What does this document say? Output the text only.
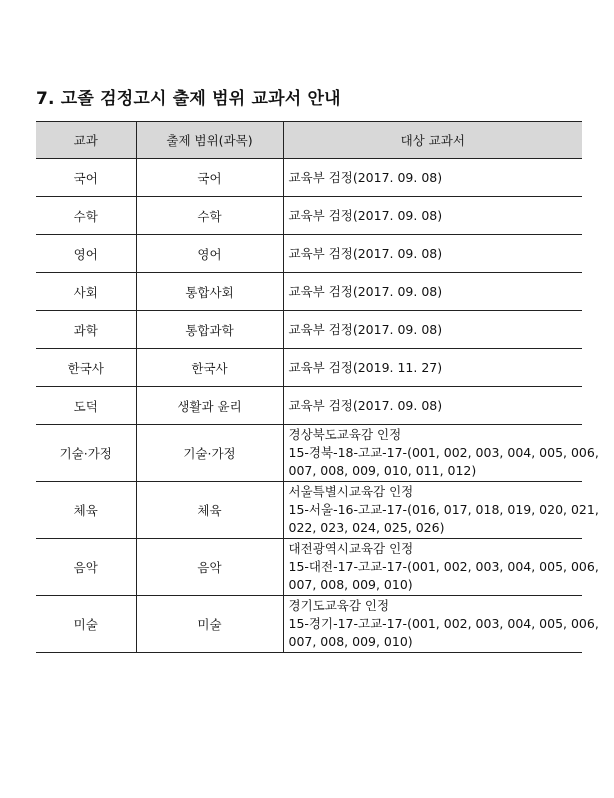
7. 고졸 검정고시 출제 범위 교과서 안내
교과	출제 범위(과목)	대상 교과서
국어	국어	교육부 검정(2017. 09. 08)

수학	수학	교육부 검정(2017. 09. 08)

영어	영어	교육부 검정(2017. 09. 08)

사회	통합사회	교육부 검정(2017. 09. 08)

과학	통합과학	교육부 검정(2017. 09. 08)

한국사	한국사	교육부 검정(2019. 11. 27)

도덕	생활과 윤리	교육부 검정(2017. 09. 08)

기술·가정	기술·가정	경상북도교육감 인정
15-경북-18-고교-17-(001, 002, 003, 004, 005, 006,
007, 008, 009, 010, 011, 012)

체육	체육	서울특별시교육감 인정
15-서울-16-고교-17-(016, 017, 018, 019, 020, 021,
022, 023, 024, 025, 026)

음악	음악	대전광역시교육감 인정
15-대전-17-고교-17-(001, 002, 003, 004, 005, 006,
007, 008, 009, 010)

미술	미술	경기도교육감 인정
15-경기-17-고교-17-(001, 002, 003, 004, 005, 006,
007, 008, 009, 010)
